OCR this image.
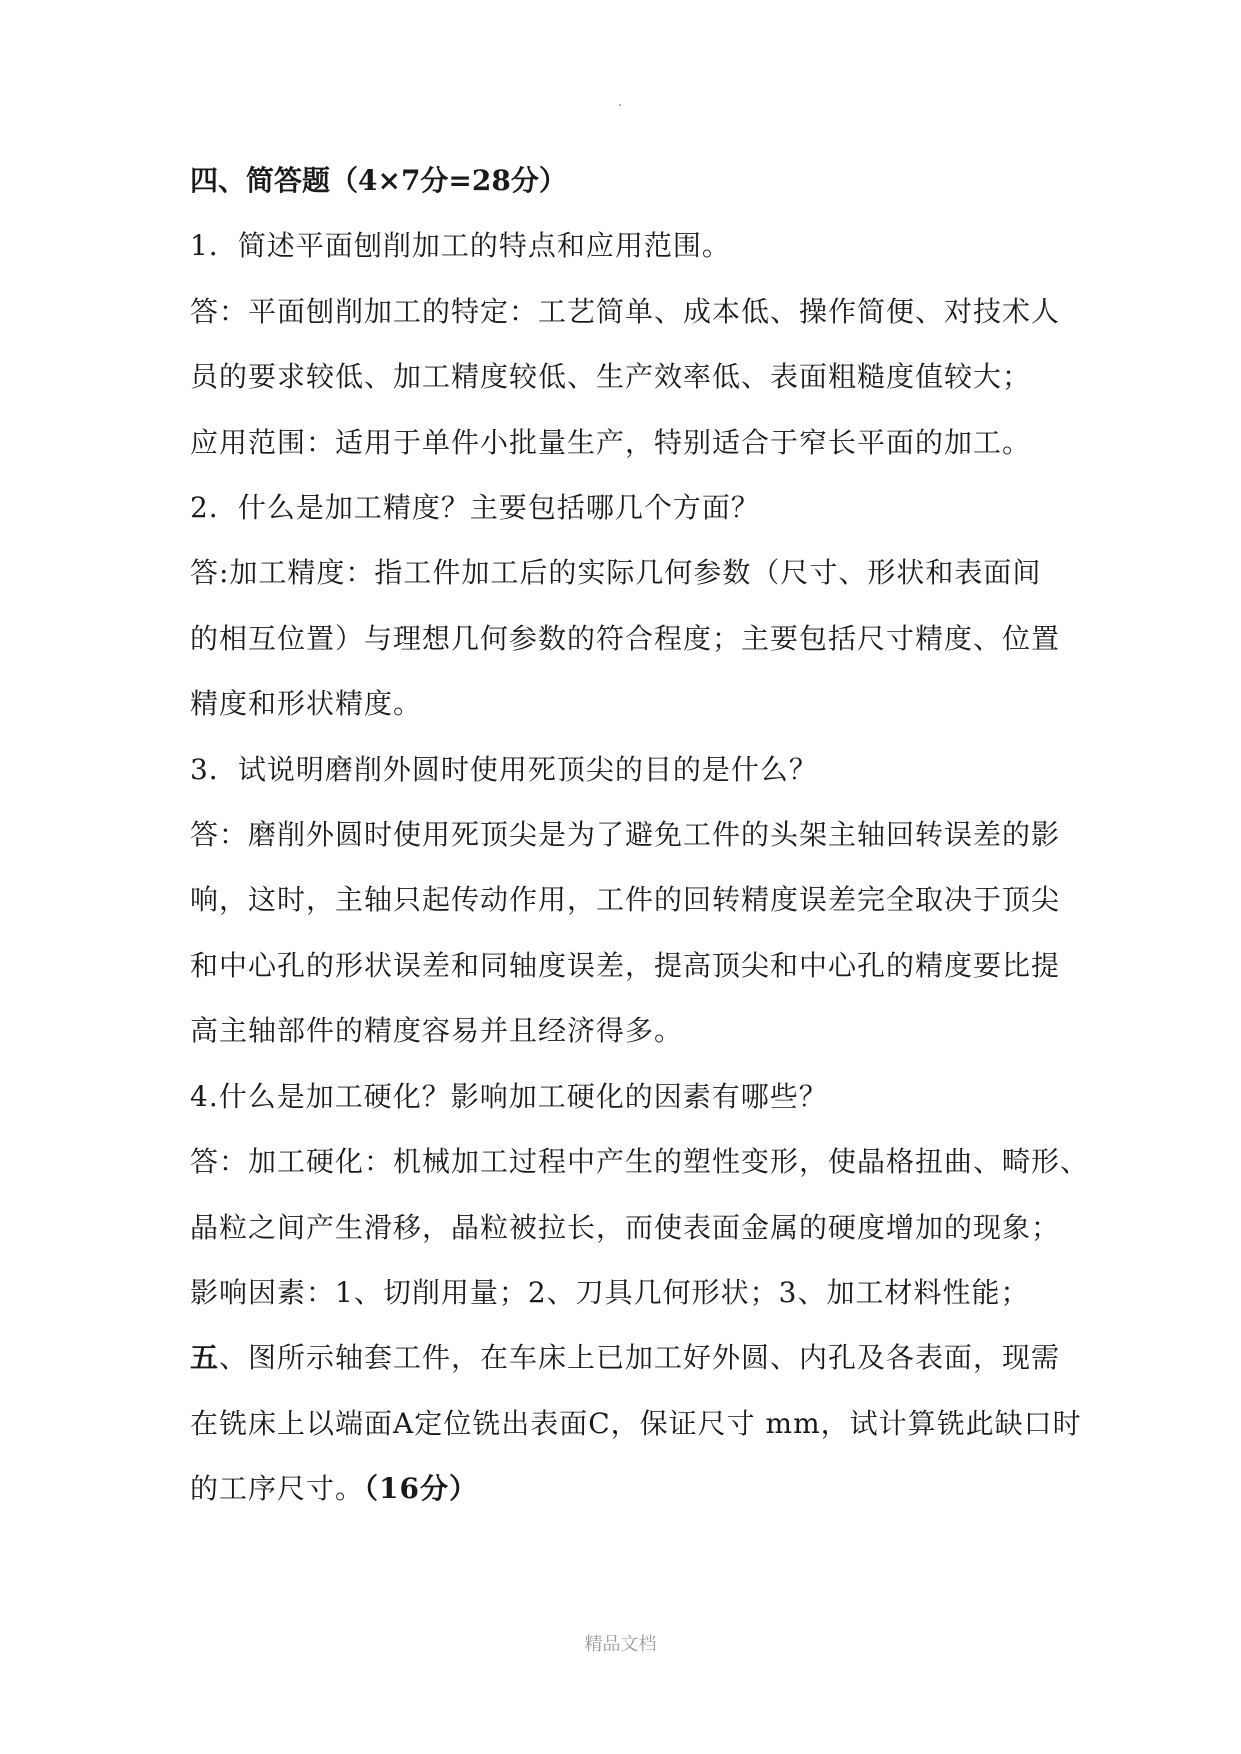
四、简答题（4×7分=28分）
1．简述平面刨削加工的特点和应用范围。
答：平面刨削加工的特定：工艺简单、成本低、操作简便、对技术人
员的要求较低、加工精度较低、生产效率低、表面粗糙度值较大；
应用范围：适用于单件小批量生产，特别适合于窄长平面的加工。
2．什么是加工精度？主要包括哪几个方面？
答:加工精度：指工件加工后的实际几何参数（尺寸、形状和表面间
的相互位置）与理想几何参数的符合程度；主要包括尺寸精度、位置
精度和形状精度。
3．试说明磨削外圆时使用死顶尖的目的是什么？
答：磨削外圆时使用死顶尖是为了避免工件的头架主轴回转误差的影
响，这时，主轴只起传动作用，工件的回转精度误差完全取决于顶尖
和中心孔的形状误差和同轴度误差，提高顶尖和中心孔的精度要比提
高主轴部件的精度容易并且经济得多。
4.什么是加工硬化？影响加工硬化的因素有哪些？
答：加工硬化：机械加工过程中产生的塑性变形，使晶格扭曲、畸形、
晶粒之间产生滑移，晶粒被拉长，而使表面金属的硬度增加的现象；
影响因素：1、切削用量；2、刀具几何形状；3、加工材料性能；
五、图所示轴套工件，在车床上已加工好外圆、内孔及各表面，现需
在铣床上以端面A定位铣出表面C，保证尺寸 mm，试计算铣此缺口时
的工序尺寸。（16分）
精品文档
